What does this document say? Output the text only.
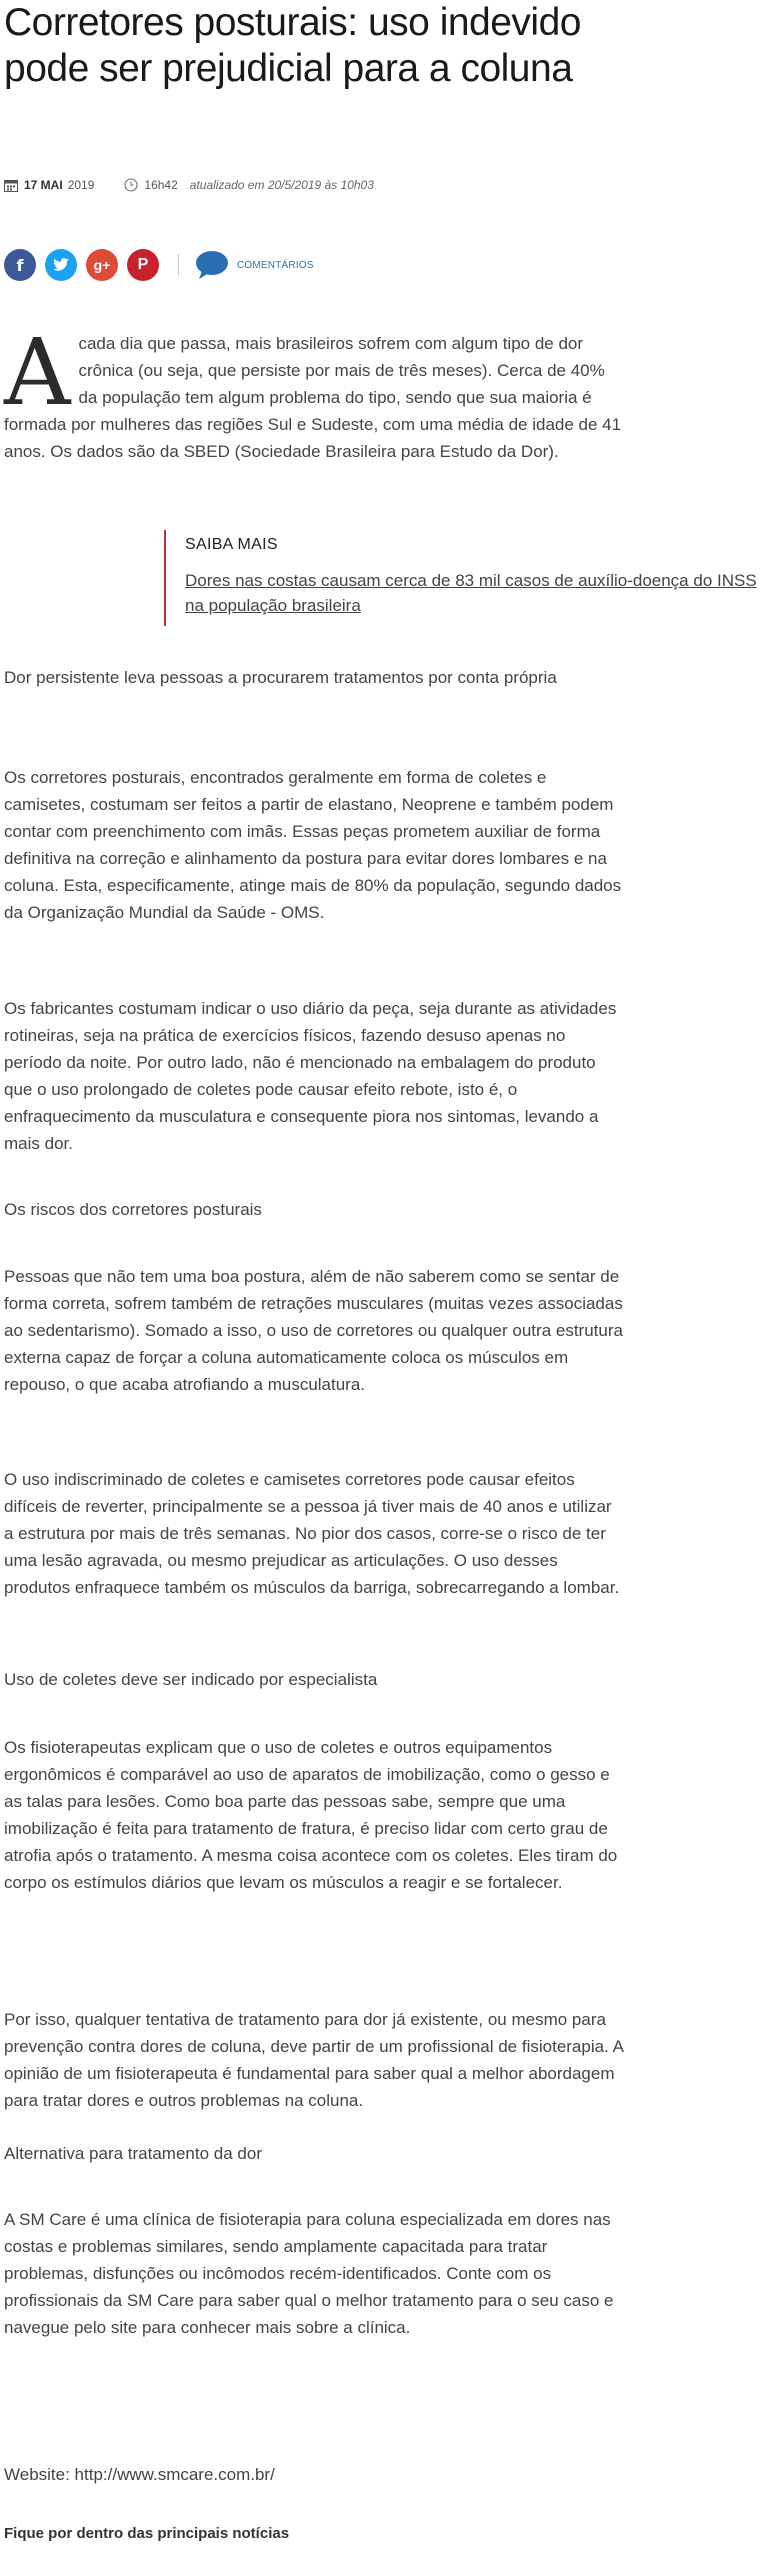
Corretores posturais: uso indevido pode ser prejudicial para a coluna
17 MAI 2019	16h42 atualizado em 20/5/2019 às 10h03
f	g+	P	COMENTÁRIOS
A cada dia que passa, mais brasileiros sofrem com algum tipo de dor crônica (ou seja, que persiste por mais de três meses). Cerca de 40% da população tem algum problema do tipo, sendo que sua maioria é formada por mulheres das regiões Sul e Sudeste, com uma média de idade de 41 anos. Os dados são da SBED (Sociedade Brasileira para Estudo da Dor).
SAIBA MAIS
Dores nas costas causam cerca de 83 mil casos de auxílio-doença do INSS na população brasileira
Dor persistente leva pessoas a procurarem tratamentos por conta própria
Os corretores posturais, encontrados geralmente em forma de coletes e camisetes, costumam ser feitos a partir de elastano, Neoprene e também podem contar com preenchimento com imãs. Essas peças prometem auxiliar de forma definitiva na correção e alinhamento da postura para evitar dores lombares e na coluna. Esta, especificamente, atinge mais de 80% da população, segundo dados da Organização Mundial da Saúde - OMS.
Os fabricantes costumam indicar o uso diário da peça, seja durante as atividades rotineiras, seja na prática de exercícios físicos, fazendo desuso apenas no período da noite. Por outro lado, não é mencionado na embalagem do produto que o uso prolongado de coletes pode causar efeito rebote, isto é, o enfraquecimento da musculatura e consequente piora nos sintomas, levando a mais dor.
Os riscos dos corretores posturais
Pessoas que não tem uma boa postura, além de não saberem como se sentar de forma correta, sofrem também de retrações musculares (muitas vezes associadas ao sedentarismo). Somado a isso, o uso de corretores ou qualquer outra estrutura externa capaz de forçar a coluna automaticamente coloca os músculos em repouso, o que acaba atrofiando a musculatura.
O uso indiscriminado de coletes e camisetes corretores pode causar efeitos difíceis de reverter, principalmente se a pessoa já tiver mais de 40 anos e utilizar a estrutura por mais de três semanas. No pior dos casos, corre-se o risco de ter uma lesão agravada, ou mesmo prejudicar as articulações. O uso desses produtos enfraquece também os músculos da barriga, sobrecarregando a lombar.
Uso de coletes deve ser indicado por especialista
Os fisioterapeutas explicam que o uso de coletes e outros equipamentos ergonômicos é comparável ao uso de aparatos de imobilização, como o gesso e as talas para lesões. Como boa parte das pessoas sabe, sempre que uma imobilização é feita para tratamento de fratura, é preciso lidar com certo grau de atrofia após o tratamento. A mesma coisa acontece com os coletes. Eles tiram do corpo os estímulos diários que levam os músculos a reagir e se fortalecer.
Por isso, qualquer tentativa de tratamento para dor já existente, ou mesmo para prevenção contra dores de coluna, deve partir de um profissional de fisioterapia. A opinião de um fisioterapeuta é fundamental para saber qual a melhor abordagem para tratar dores e outros problemas na coluna.
Alternativa para tratamento da dor
A SM Care é uma clínica de fisioterapia para coluna especializada em dores nas costas e problemas similares, sendo amplamente capacitada para tratar problemas, disfunções ou incômodos recém-identificados. Conte com os profissionais da SM Care para saber qual o melhor tratamento para o seu caso e navegue pelo site para conhecer mais sobre a clínica.
Website: http://www.smcare.com.br/
Fique por dentro das principais notícias
